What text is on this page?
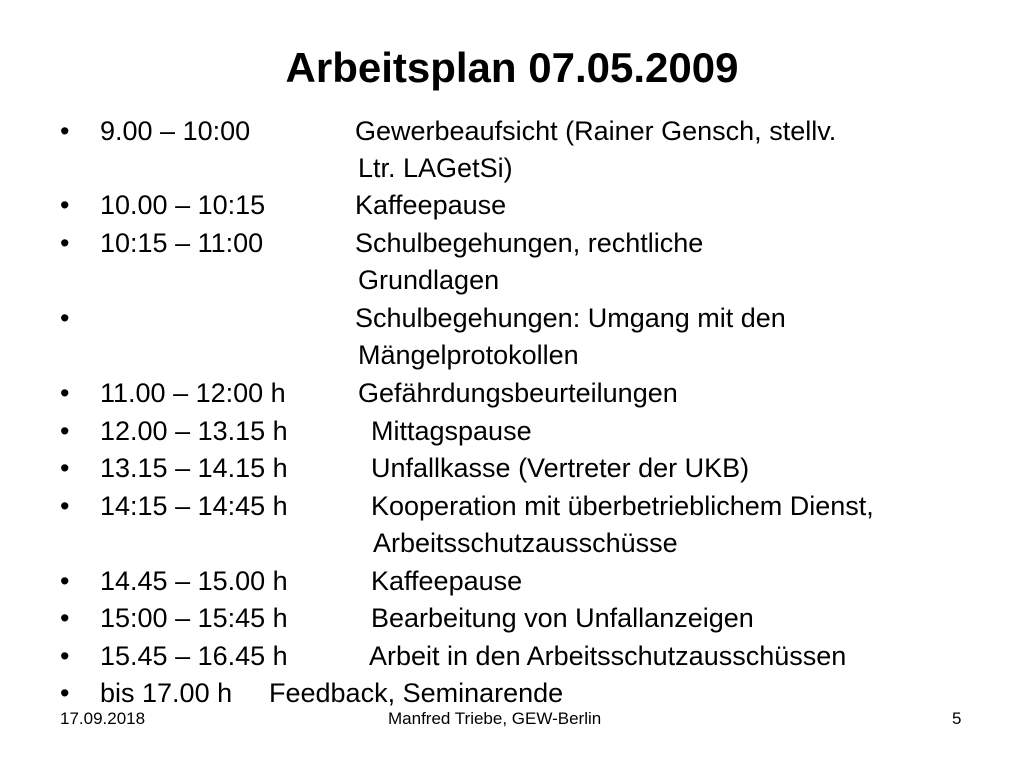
Arbeitsplan 07.05.2009
• 9.00 – 10:00	Gewerbeaufsicht (Rainer Gensch, stellv.
Ltr. LAGetSi)
• 10.00 – 10:15	Kaffeepause
• 10:15 – 11:00	Schulbegehungen, rechtliche
Grundlagen
•	Schulbegehungen: Umgang mit den
Mängelprotokollen
• 11.00 – 12:00 h	Gefährdungsbeurteilungen
• 12.00 – 13.15 h	Mittagspause
• 13.15 – 14.15 h	Unfallkasse (Vertreter der UKB)
• 14:15 – 14:45 h	Kooperation mit überbetrieblichem Dienst,
Arbeitsschutzausschüsse
• 14.45 – 15.00 h	Kaffeepause
• 15:00 – 15:45 h	Bearbeitung von Unfallanzeigen
• 15.45 – 16.45 h	Arbeit in den Arbeitsschutzausschüssen
• bis 17.00 h Feedback, Seminarende
17.09.2018	Manfred Triebe, GEW-Berlin	5
